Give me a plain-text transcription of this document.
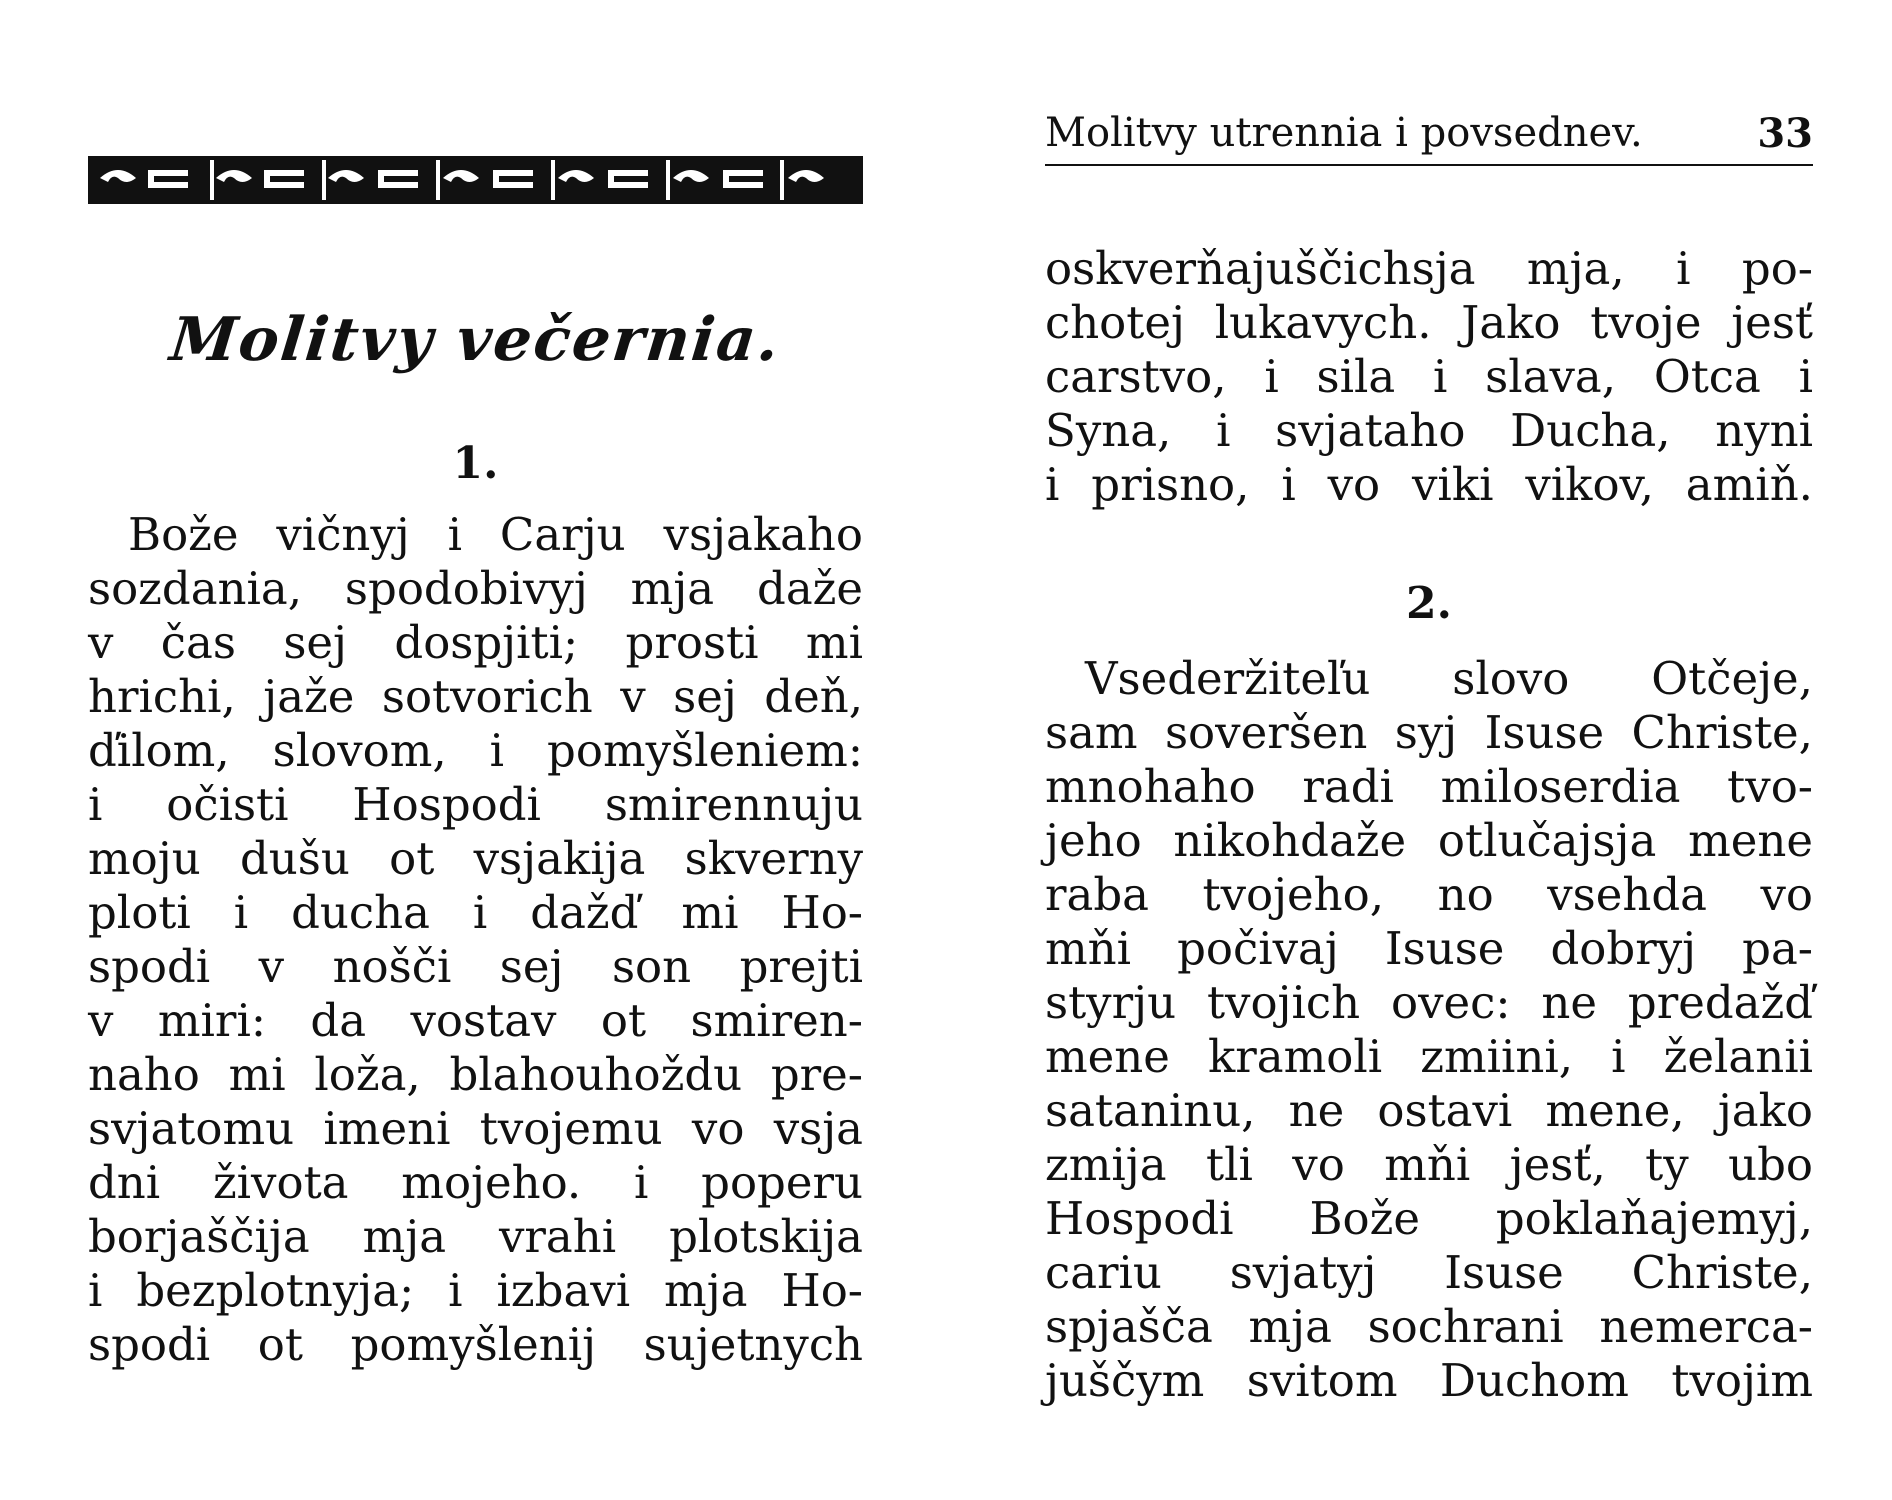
Molitvy večernia.
1.
Bože vičnyj i Carju vsjakaho
sozdania, spodobivyj mja daže
v čas sej dospjiti; prosti mi
hrichi, jaže sotvorich v sej deň,
ďilom, slovom, i pomyšleniem:
i očisti Hospodi smirennuju
moju dušu ot vsjakija skverny
ploti i ducha i dažď mi Ho-
spodi v nošči sej son prejti
v miri: da vostav ot smiren-
naho mi loža, blahouhoždu pre-
svjatomu imeni tvojemu vo vsja
dni života mojeho. i poperu
borjaščija mja vrahi plotskija
i bezplotnyja; i izbavi mja Ho-
spodi ot pomyšlenij sujetnych
Molitvy utrennia i povsednev.	33
oskverňajuščichsja mja, i po-
chotej lukavych. Jako tvoje jesť
carstvo, i sila i slava, Otca i
Syna, i svjataho Ducha, nyni
i prisno, i vo viki vikov, amiň.
2.
Vsederžiteľu slovo Otčeje,
sam soveršen syj Isuse Christe,
mnohaho radi miloserdia tvo-
jeho nikohdaže otlučajsja mene
raba tvojeho, no vsehda vo
mňi počivaj Isuse dobryj pa-
styrju tvojich ovec: ne predažď
mene kramoli zmiini, i želanii
sataninu, ne ostavi mene, jako
zmija tli vo mňi jesť, ty ubo
Hospodi Bože poklaňajemyj,
cariu svjatyj Isuse Christe,
spjašča mja sochrani nemerca-
juščym svitom Duchom tvojim
